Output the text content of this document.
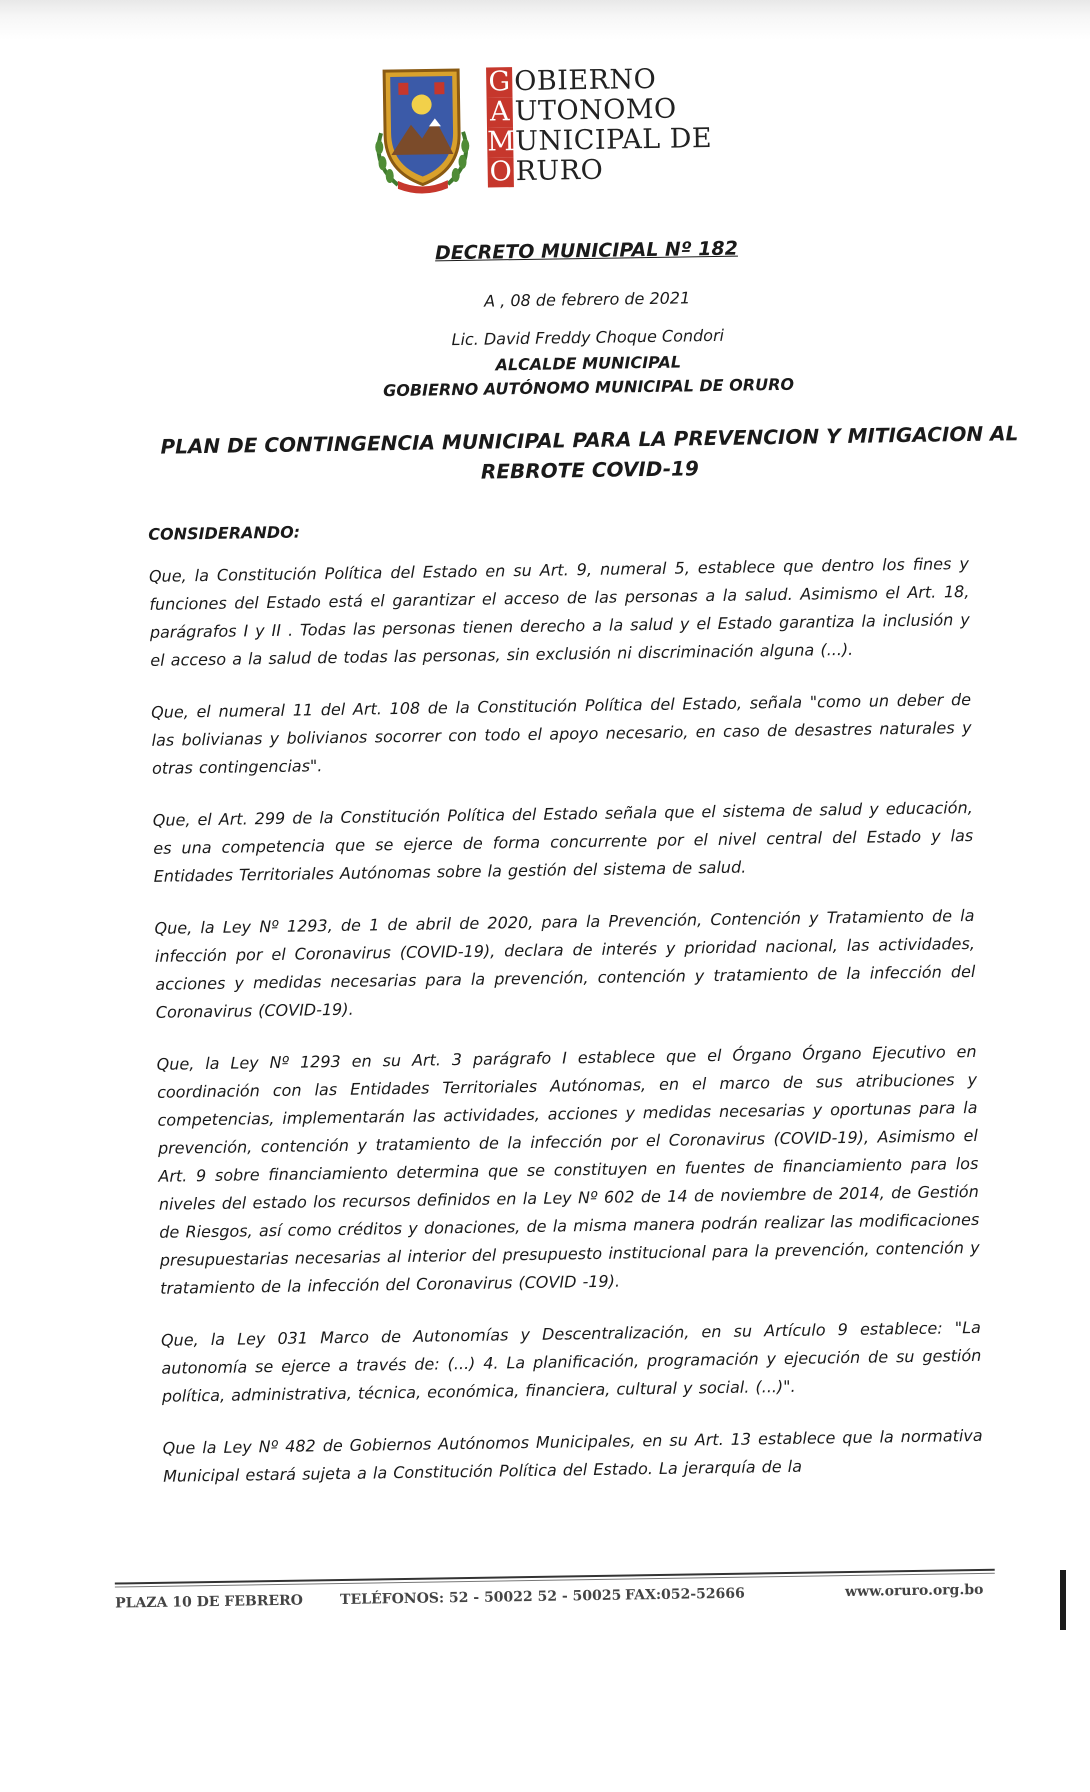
G OBIERNO
A UTONOMO
M UNICIPAL DE
O RURO
DECRETO MUNICIPAL Nº 182
A , 08 de febrero de 2021
Lic. David Freddy Choque Condori
ALCALDE MUNICIPAL
GOBIERNO AUTÓNOMO MUNICIPAL DE ORURO
PLAN DE CONTINGENCIA MUNICIPAL PARA LA PREVENCION Y MITIGACION AL REBROTE COVID-19
CONSIDERANDO:

Que, la Constitución Política del Estado en su Art. 9, numeral 5, establece que dentro los fines y funciones del Estado está el garantizar el acceso de las personas a la salud. Asimismo el Art. 18, parágrafos I y II . Todas las personas tienen derecho a la salud y el Estado garantiza la inclusión y el acceso a la salud de todas las personas, sin exclusión ni discriminación alguna (...).

Que, el numeral 11 del Art. 108 de la Constitución Política del Estado, señala "como un deber de las bolivianas y bolivianos socorrer con todo el apoyo necesario, en caso de desastres naturales y otras contingencias".

Que, el Art. 299 de la Constitución Política del Estado señala que el sistema de salud y educación, es una competencia que se ejerce de forma concurrente por el nivel central del Estado y las Entidades Territoriales Autónomas sobre la gestión del sistema de salud.

Que, la Ley Nº 1293, de 1 de abril de 2020, para la Prevención, Contención y Tratamiento de la infección por el Coronavirus (COVID-19), declara de interés y prioridad nacional, las actividades, acciones y medidas necesarias para la prevención, contención y tratamiento de la infección del Coronavirus (COVID-19).

Que, la Ley Nº 1293 en su Art. 3 parágrafo I establece que el Órgano Órgano Ejecutivo en coordinación con las Entidades Territoriales Autónomas, en el marco de sus atribuciones y competencias, implementarán las actividades, acciones y medidas necesarias y oportunas para la prevención, contención y tratamiento de la infección por el Coronavirus (COVID-19), Asimismo el Art. 9 sobre financiamiento determina que se constituyen en fuentes de financiamiento para los niveles del estado los recursos definidos en la Ley Nº 602 de 14 de noviembre de 2014, de Gestión de Riesgos, así como créditos y donaciones, de la misma manera podrán realizar las modificaciones presupuestarias necesarias al interior del presupuesto institucional para la prevención, contención y tratamiento de la infección del Coronavirus (COVID -19).

Que, la Ley 031 Marco de Autonomías y Descentralización, en su Artículo 9 establece: "La autonomía se ejerce a través de: (...) 4. La planificación, programación y ejecución de su gestión política, administrativa, técnica, económica, financiera, cultural y social. (...)".

Que la Ley Nº 482 de Gobiernos Autónomos Municipales, en su Art. 13 establece que la normativa Municipal estará sujeta a la Constitución Política del Estado. La jerarquía de la

PLAZA 10 DE FEBRERO	TELÉFONOS: 52 - 50022 52 - 50025 FAX:052-52666	www.oruro.org.bo
